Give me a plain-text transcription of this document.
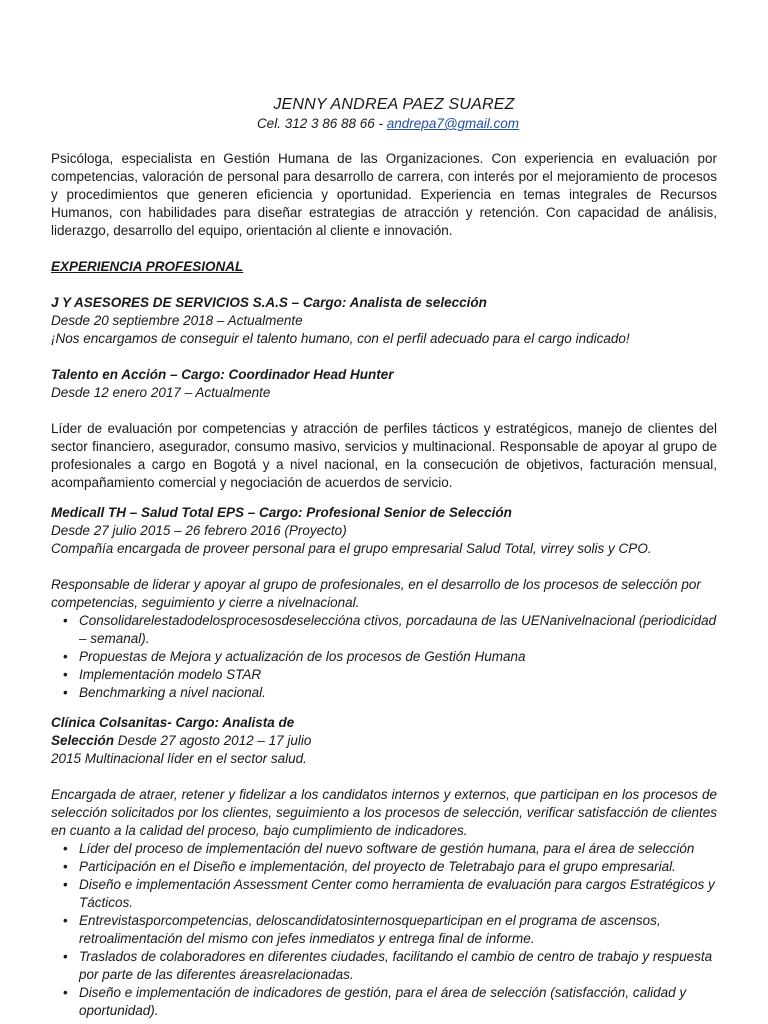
JENNY ANDREA PAEZ SUAREZ
Cel. 312 3 86 88 66 - andrepa7@gmail.com
Psicóloga, especialista en Gestión Humana de las Organizaciones. Con experiencia en evaluación por competencias, valoración de personal para desarrollo de carrera, con interés por el mejoramiento de procesos y procedimientos que generen eficiencia y oportunidad. Experiencia en temas integrales de Recursos Humanos, con habilidades para diseñar estrategias de atracción y retención. Con capacidad de análisis, liderazgo, desarrollo del equipo, orientación al cliente e innovación.
EXPERIENCIA PROFESIONAL
J Y ASESORES DE SERVICIOS S.A.S – Cargo: Analista de selección
Desde 20 septiembre 2018 – Actualmente
¡Nos encargamos de conseguir el talento humano, con el perfil adecuado para el cargo indicado!
Talento en Acción – Cargo: Coordinador Head Hunter
Desde 12 enero 2017 – Actualmente
Líder de evaluación por competencias y atracción de perfiles tácticos y estratégicos, manejo de clientes del sector financiero, asegurador, consumo masivo, servicios y multinacional. Responsable de apoyar al grupo de profesionales a cargo en Bogotá y a nivel nacional, en la consecución de objetivos, facturación mensual, acompañamiento comercial y negociación de acuerdos de servicio.
Medicall TH – Salud Total EPS – Cargo: Profesional Senior de Selección
Desde 27 julio 2015 – 26 febrero 2016 (Proyecto)
Compañía encargada de proveer personal para el grupo empresarial Salud Total, virrey solis y CPO.
Responsable de liderar y apoyar al grupo de profesionales, en el desarrollo de los procesos de selección por competencias, seguimiento y cierre a nivelnacional.
• Consolidarelestadodelosprocesosdeseleccióna ctivos, porcadauna de las UENanivelnacional (periodicidad – semanal).
• Propuestas de Mejora y actualización de los procesos de Gestión Humana
• Implementación modelo STAR
• Benchmarking a nivel nacional.
Clínica Colsanitas- Cargo: Analista de
Selección Desde 27 agosto 2012 – 17 julio
2015 Multinacional líder en el sector salud.
Encargada de atraer, retener y fidelizar a los candidatos internos y externos, que participan en los procesos de selección solicitados por los clientes, seguimiento a los procesos de selección, verificar satisfacción de clientes en cuanto a la calidad del proceso, bajo cumplimiento de indicadores.
• Líder del proceso de implementación del nuevo software de gestión humana, para el área de selección
• Participación en el Diseño e implementación, del proyecto de Teletrabajo para el grupo empresarial.
• Diseño e implementación Assessment Center como herramienta de evaluación para cargos Estratégicos y Tácticos.
• Entrevistasporcompetencias, deloscandidatosinternosqueparticipan en el programa de ascensos, retroalimentación del mismo con jefes inmediatos y entrega final de informe.
• Traslados de colaboradores en diferentes ciudades, facilitando el cambio de centro de trabajo y respuesta por parte de las diferentes áreasrelacionadas.
• Diseño e implementación de indicadores de gestión, para el área de selección (satisfacción, calidad y oportunidad).
